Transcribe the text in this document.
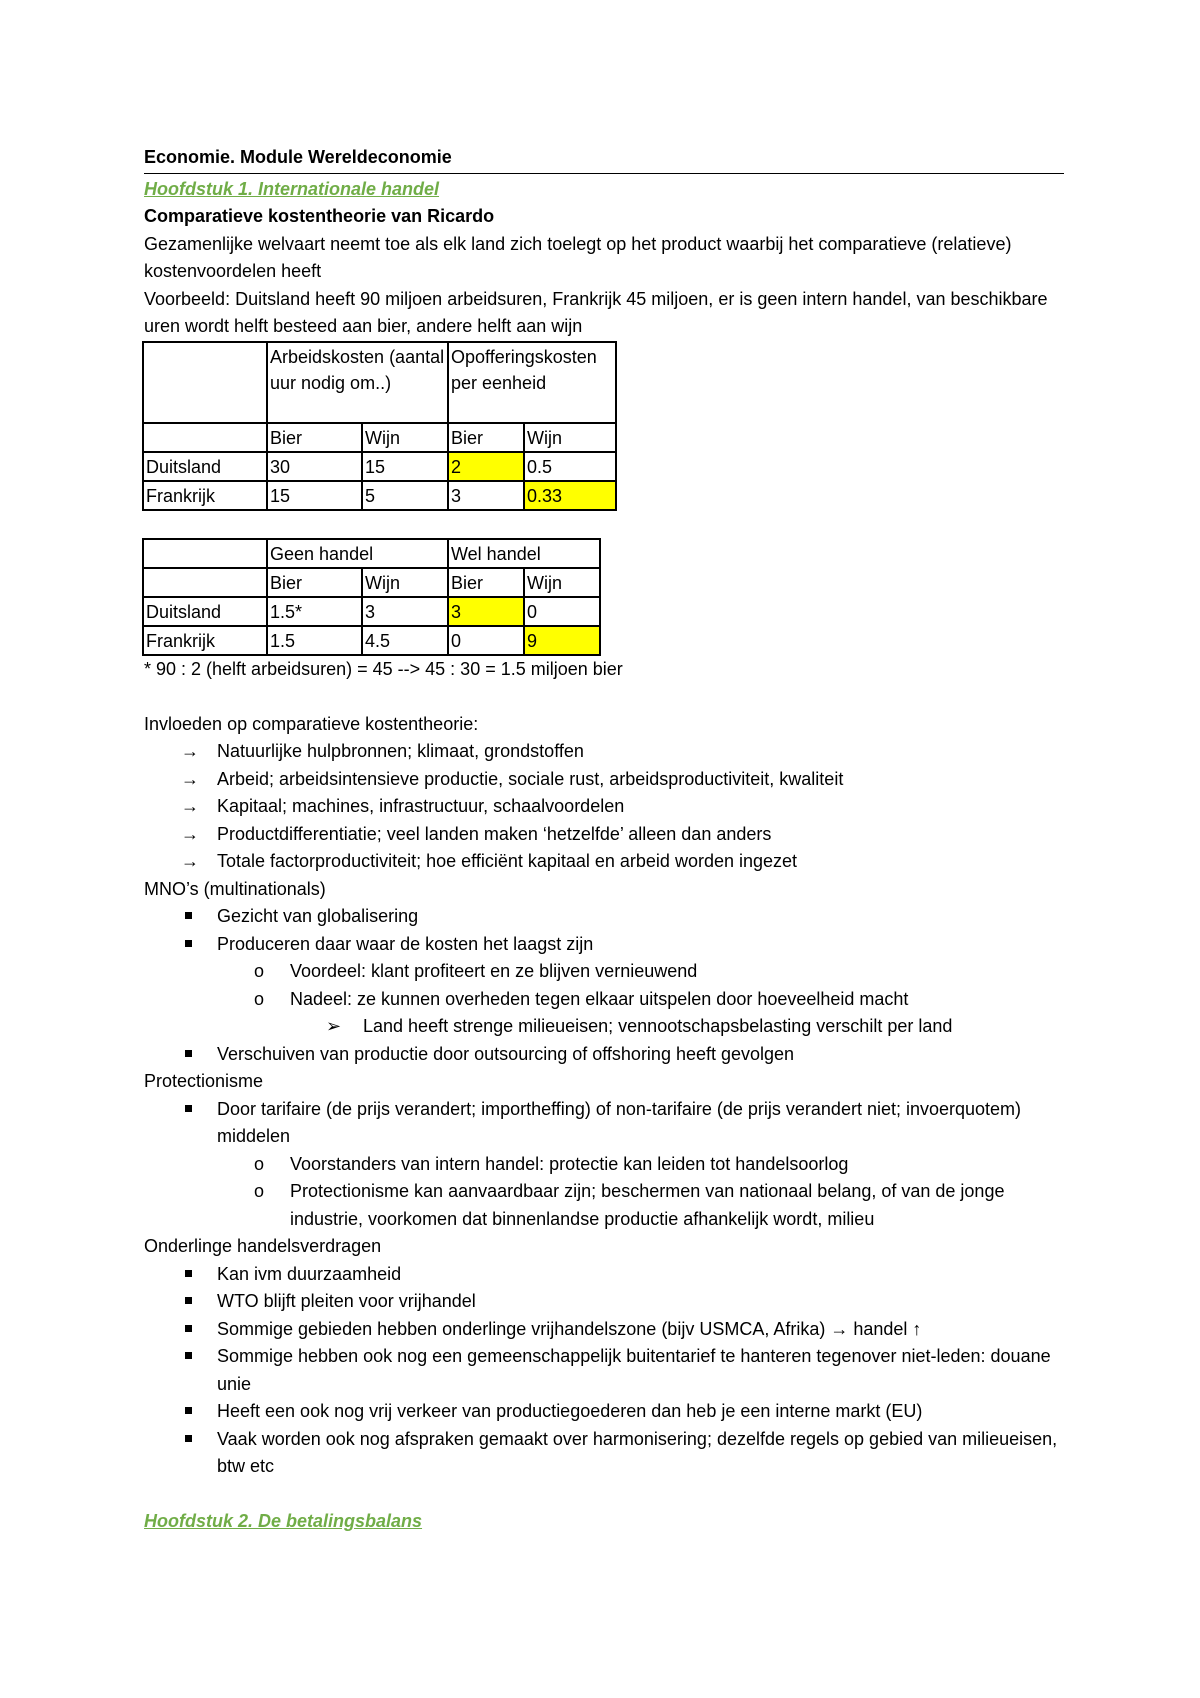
Economie. Module Wereldeconomie

Hoofdstuk 1. Internationale handel

Comparatieve kostentheorie van Ricardo

Gezamenlijke welvaart neemt toe als elk land zich toelegt op het product waarbij het comparatieve (relatieve) kostenvoordelen heeft

Voorbeeld: Duitsland heeft 90 miljoen arbeidsuren, Frankrijk 45 miljoen, er is geen intern handel, van beschikbare uren wordt helft besteed aan bier, andere helft aan wijn

	Arbeidskosten (aantal uur nodig om..)		Opofferingskosten per eenheid	
	Bier	Wijn	Bier	Wijn
Duitsland	30	15	2	0.5
Frankrijk	15	5	3	0.33
	Geen handel		Wel handel	
	Bier	Wijn	Bier	Wijn
Duitsland	1.5*	3	3	0
Frankrijk	1.5	4.5	0	9

* 90 : 2 (helft arbeidsuren) = 45 --> 45 : 30 = 1.5 miljoen bier

Invloeden op comparatieve kostentheorie:

→	Natuurlijke hulpbronnen; klimaat, grondstoffen
→	Arbeid; arbeidsintensieve productie, sociale rust, arbeidsproductiviteit, kwaliteit
→	Kapitaal; machines, infrastructuur, schaalvoordelen
→	Productdifferentiatie; veel landen maken ‘hetzelfde’ alleen dan anders
→	Totale factorproductiviteit; hoe efficiënt kapitaal en arbeid worden ingezet

MNO’s (multinationals)

Gezicht van globalisering
Produceren daar waar de kosten het laagst zijn
o	Voordeel: klant profiteert en ze blijven vernieuwend
o	Nadeel: ze kunnen overheden tegen elkaar uitspelen door hoeveelheid macht
➢	Land heeft strenge milieueisen; vennootschapsbelasting verschilt per land
Verschuiven van productie door outsourcing of offshoring heeft gevolgen

Protectionisme

Door tarifaire (de prijs verandert; importheffing) of non-tarifaire (de prijs verandert niet; invoerquotem) middelen
o	Voorstanders van intern handel: protectie kan leiden tot handelsoorlog
o	Protectionisme kan aanvaardbaar zijn; beschermen van nationaal belang, of van de jonge industrie, voorkomen dat binnenlandse productie afhankelijk wordt, milieu

Onderlinge handelsverdragen

Kan ivm duurzaamheid
WTO blijft pleiten voor vrijhandel
Sommige gebieden hebben onderlinge vrijhandelszone (bijv USMCA, Afrika) → handel ↑
Sommige hebben ook nog een gemeenschappelijk buitentarief te hanteren tegenover niet-leden: douane unie
Heeft een ook nog vrij verkeer van productiegoederen dan heb je een interne markt (EU)
Vaak worden ook nog afspraken gemaakt over harmonisering; dezelfde regels op gebied van milieueisen, btw etc

Hoofdstuk 2. De betalingsbalans
